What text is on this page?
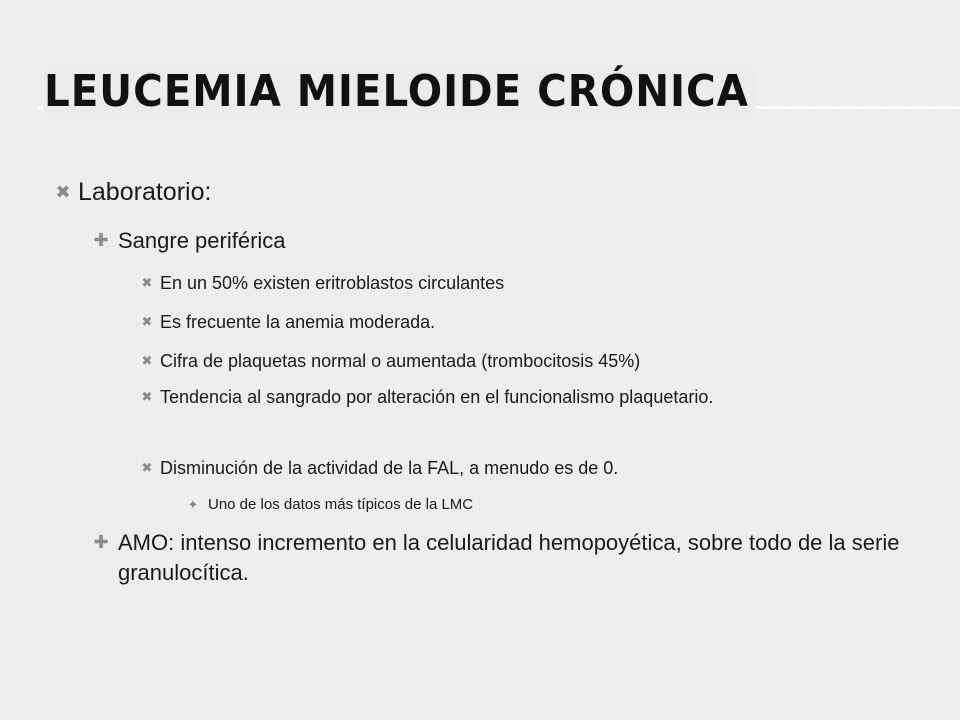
LEUCEMIA MIELOIDE CRÓNICA
✖ Laboratorio:
✚ Sangre periférica
✖ En un 50% existen eritroblastos circulantes
✖ Es frecuente la anemia moderada.
✖ Cifra de plaquetas normal o aumentada (trombocitosis 45%)
✖ Tendencia al sangrado por alteración en el funcionalismo plaquetario.
✖ Disminución de la actividad de la FAL, a menudo es de 0.
✦ Uno de los datos más típicos de la LMC
✚ AMO: intenso incremento en la celularidad hemopoyética, sobre todo de la serie granulocítica.
